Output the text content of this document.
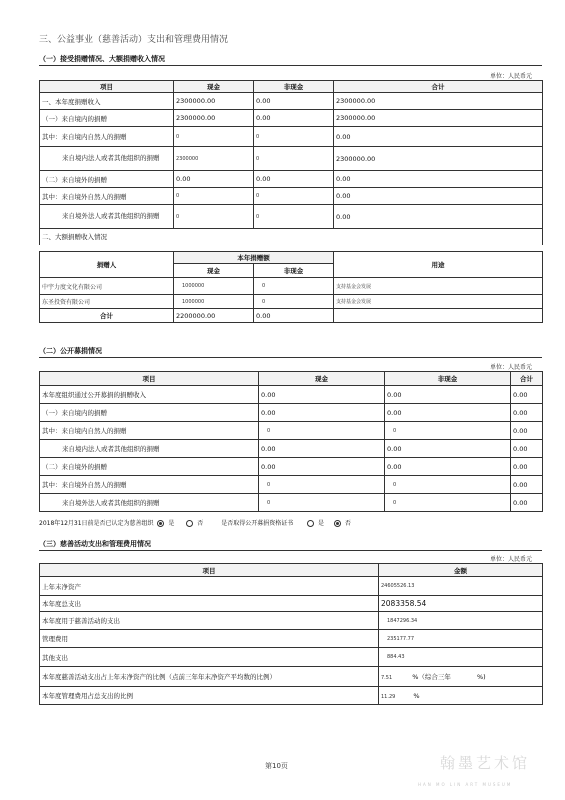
三、公益事业（慈善活动）支出和管理费用情况
（一）接受捐赠情况、大额捐赠收入情况
单位：人民币元
项目	现金	非现金	合计
一、本年度捐赠收入	2300000.00	0.00	2300000.00
（一）来自境内的捐赠	2300000.00	0.00	2300000.00
其中：来自境内自然人的捐赠	0	0	0.00
来自境内法人或者其他组织的捐赠	2300000	0	2300000.00
（二）来自境外的捐赠	0.00	0.00	0.00
其中：来自境外自然人的捐赠	0	0	0.00
来自境外法人或者其他组织的捐赠	0	0	0.00
二、大额捐赠收入情况			
捐赠人	本年捐赠额		用途
	现金	非现金	
中宇力度文化有限公司	1000000	0	支持基金会发展
东圣投资有限公司	1000000	0	支持基金会发展
合计	2200000.00	0.00	
（二）公开募捐情况
单位：人民币元
项目	现金	非现金	合计
本年度组织通过公开募捐的捐赠收入	0.00	0.00	0.00
（一）来自境内的捐赠	0.00	0.00	0.00
其中：来自境内自然人的捐赠	0	0	0.00
来自境内法人或者其他组织的捐赠	0.00	0.00	0.00
（二）来自境外的捐赠	0.00	0.00	0.00
其中：来自境外自然人的捐赠	0	0	0.00
来自境外法人或者其他组织的捐赠	0	0	0.00
2018年12月31日前是否已认定为慈善组织 是	否	是否取得公开募捐资格证书	是	否
（三）慈善活动支出和管理费用情况
单位：人民币元
项目	金额
上年末净资产	24605526.13
本年度总支出	2083358.54
本年度用于慈善活动的支出	1847296.34
管理费用	235177.77
其他支出	884.43
本年度慈善活动支出占上年末净资产的比例（点前三年年末净资产平均数的比例）	7.51 %（综合三年 %)
本年度管理费用占总支出的比例	11.29 %
第10页	翰墨艺术馆
HAN MO LIN ART MUSEUM
